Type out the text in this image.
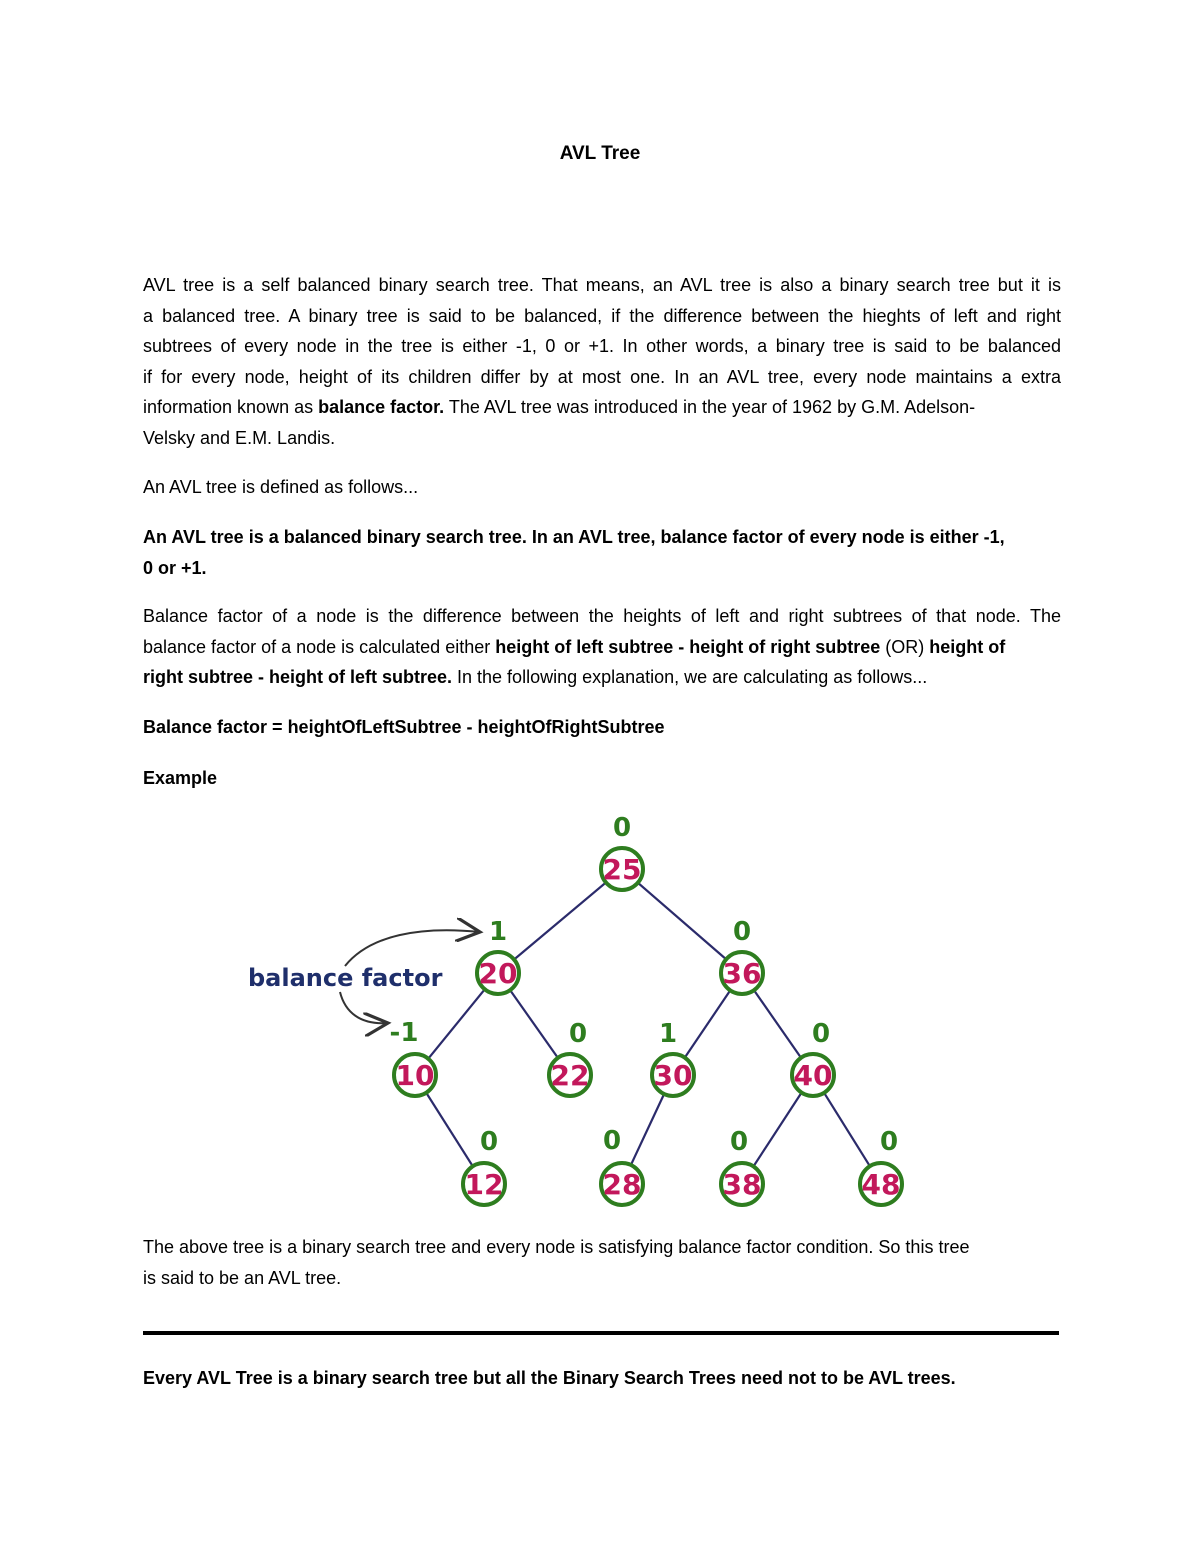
AVL Tree
AVL tree is a self balanced binary search tree. That means, an AVL tree is also a binary search tree but it is
a balanced tree. A binary tree is said to be balanced, if the difference between the hieghts of left and right
subtrees of every node in the tree is either -1, 0 or +1. In other words, a binary tree is said to be balanced
if for every node, height of its children differ by at most one. In an AVL tree, every node maintains a extra
information known as balance factor. The AVL tree was introduced in the year of 1962 by G.M. Adelson-
Velsky and E.M. Landis.
An AVL tree is defined as follows...
An AVL tree is a balanced binary search tree. In an AVL tree, balance factor of every node is either -1,
0 or +1.
Balance factor of a node is the difference between the heights of left and right subtrees of that node. The
balance factor of a node is calculated either height of left subtree - height of right subtree (OR) height of
right subtree - height of left subtree. In the following explanation, we are calculating as follows...
Balance factor = heightOfLeftSubtree - heightOfRightSubtree
Example
balance factor
25
0
20
1
36
0
10
-1
22
0
30
1
40
0
12
0
28
0
38
0
48
0
The above tree is a binary search tree and every node is satisfying balance factor condition. So this tree
is said to be an AVL tree.
Every AVL Tree is a binary search tree but all the Binary Search Trees need not to be AVL trees.
